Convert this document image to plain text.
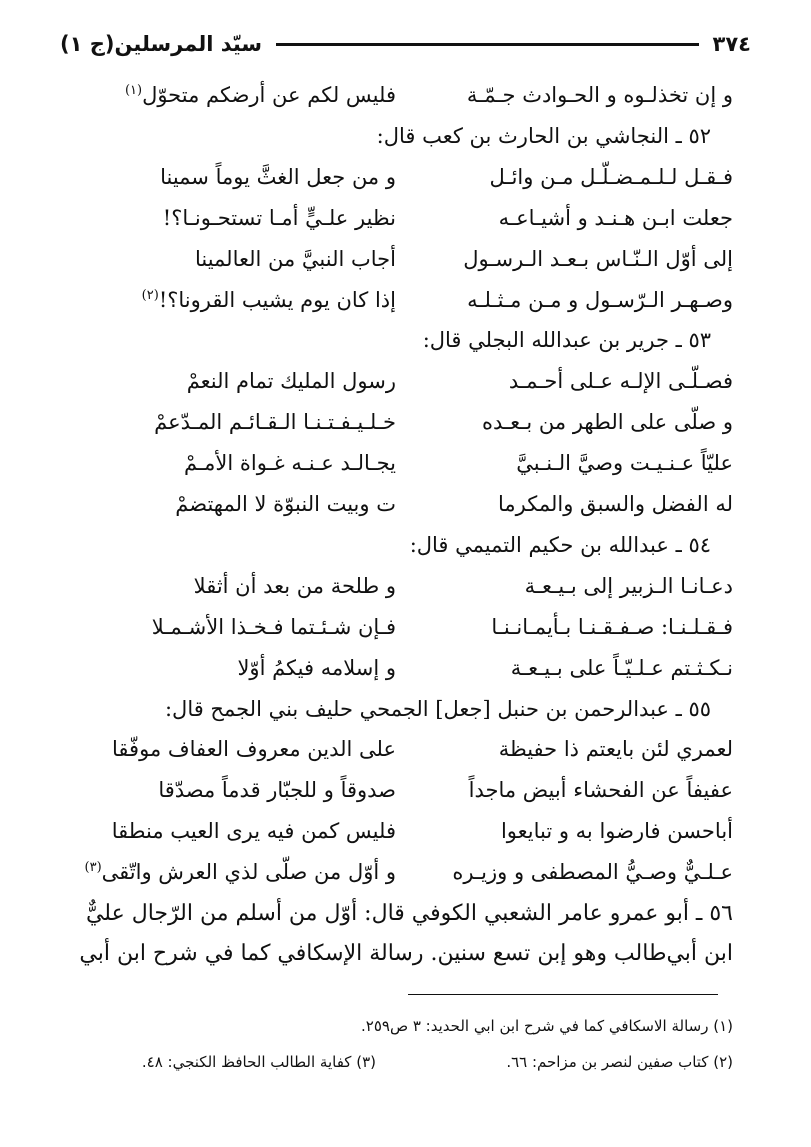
٣٧٤
سيّد المرسلين(ج ١)
و إن تخذلـوه و الحـوادث جـمّـة
فليس لكم عن أرضكم متحوّل$^{(١)}$
٥٢ ـ النجاشي بن الحارث بن كعب قال:
فـقـل لـلـمـضـلّـل مـن وائـل
و من جعل الغثَّ يوماً سمينا
جعلت ابـن هـنـد و أشيـاعـه
نظير علـيٍّ أمـا تستحـونـا؟!
إلى أوّل الـنّـاس بـعـد الـرسـول
أجاب النبيَّ من العالمينا
وصـهـر الـرّسـول و مـن مـثـلـه
إذا كان يوم يشيب القرونا؟!$^{(٢)}$
٥٣ ـ جرير بن عبدالله البجلي قال:
فصـلّـى الإلـه عـلى أحـمـد
رسول المليك تمام النعمْ
و صلّى على الطهر من بـعـده
خـلـيـفـتـنـا الـقـائـم المـدّعمْ
عليّاً عـنـيـت وصيَّ الـنـبيَّ
يجـالـد عـنـه غـواة الأمـمْ
له الفضل والسبق والمكرما
ت وبيت النبوّة لا المهتضمْ
٥٤ ـ عبدالله بن حكيم التميمي قال:
دعـانـا الـزبير إلى بـيـعـة
و طلحة من بعد أن أثقلا
فـقـلـنـا: صـفـقـنـا بـأيمـانـنـا
فـإن شـئـتما فـخـذا الأشـمـلا
نـكـثـتم عـلـيّـاً على بـيـعـة
و إسلامه فيكمُ أوّلا
٥٥ ـ عبدالرحمن بن حنبل [جعل] الجمحي حليف بني الجمح قال:
لعمري لئن بايعتم ذا حفيظة
على الدين معروف العفاف موفّقا
عفيفاً عن الفحشاء أبيض ماجداً
صدوقاً و للجبّار قدماً مصدّقا
أباحسن فارضوا به و تبايعوا
فليس كمن فيه يرى العيب منطقا
عـلـيٌّ وصـيُّ المصطفى و وزيـره
و أوّل من صلّى لذي العرش واتّقى$^{(٣)}$
٥٦ ـ أبو عمرو عامر الشعبي الكوفي قال: أوّل من أسلم من الرّجال عليٌّ
ابن أبي‌طالب وهو إبن تسع سنين. رسالة الإسكافي كما في شرح ابن أبي
(١) رسالة الاسكافي كما في شرح ابن ابي الحديد: ٣ ص٢٥٩.
(٢) كتاب صفين لنصر بن مزاحم: ٦٦.
(٣) كفاية الطالب الحافظ الكنجي: ٤٨.
